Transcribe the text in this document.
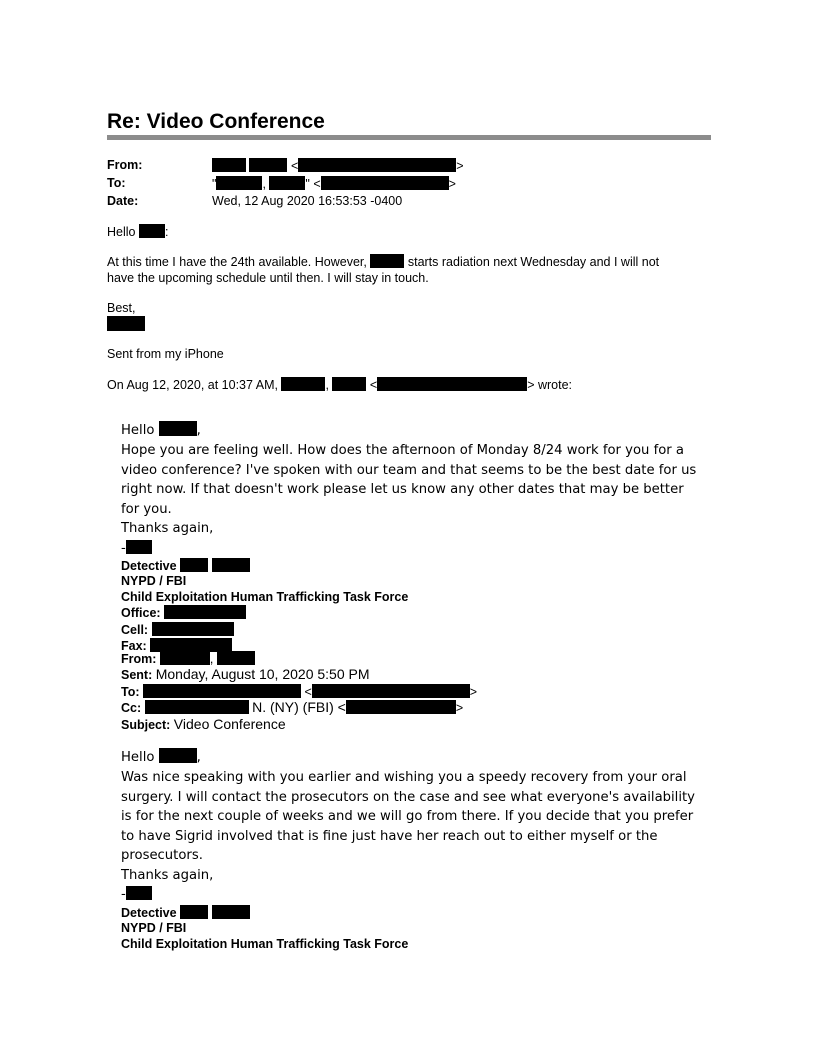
Re: Video Conference
From:	<	>
To:	"	,	" <	>
Date:	Wed, 12 Aug 2020 16:53:53 -0400
Hello :
At this time I have the 24th available. However,	starts radiation next Wednesday and I will not
have the upcoming schedule until then. I will stay in touch.
Best,
Sent from my iPhone
On Aug 12, 2020, at 10:37 AM,	,	<	> wrote:
Hello	,
Hope you are feeling well. How does the afternoon of Monday 8/24 work for you for a
video conference? I've spoken with our team and that seems to be the best date for us
right now. If that doesn't work please let us know any other dates that may be better
for you.
Thanks again,
-
Detective
NYPD / FBI
Child Exploitation Human Trafficking Task Force
Office:
Cell:
Fax:
From:	,
Sent: Monday, August 10, 2020 5:50 PM
To:	<	>
Cc:	N. (NY) (FBI) <	>
Subject: Video Conference
Hello	,
Was nice speaking with you earlier and wishing you a speedy recovery from your oral
surgery. I will contact the prosecutors on the case and see what everyone's availability
is for the next couple of weeks and we will go from there. If you decide that you prefer
to have Sigrid involved that is fine just have her reach out to either myself or the
prosecutors.
Thanks again,
-
Detective
NYPD / FBI
Child Exploitation Human Trafficking Task Force
